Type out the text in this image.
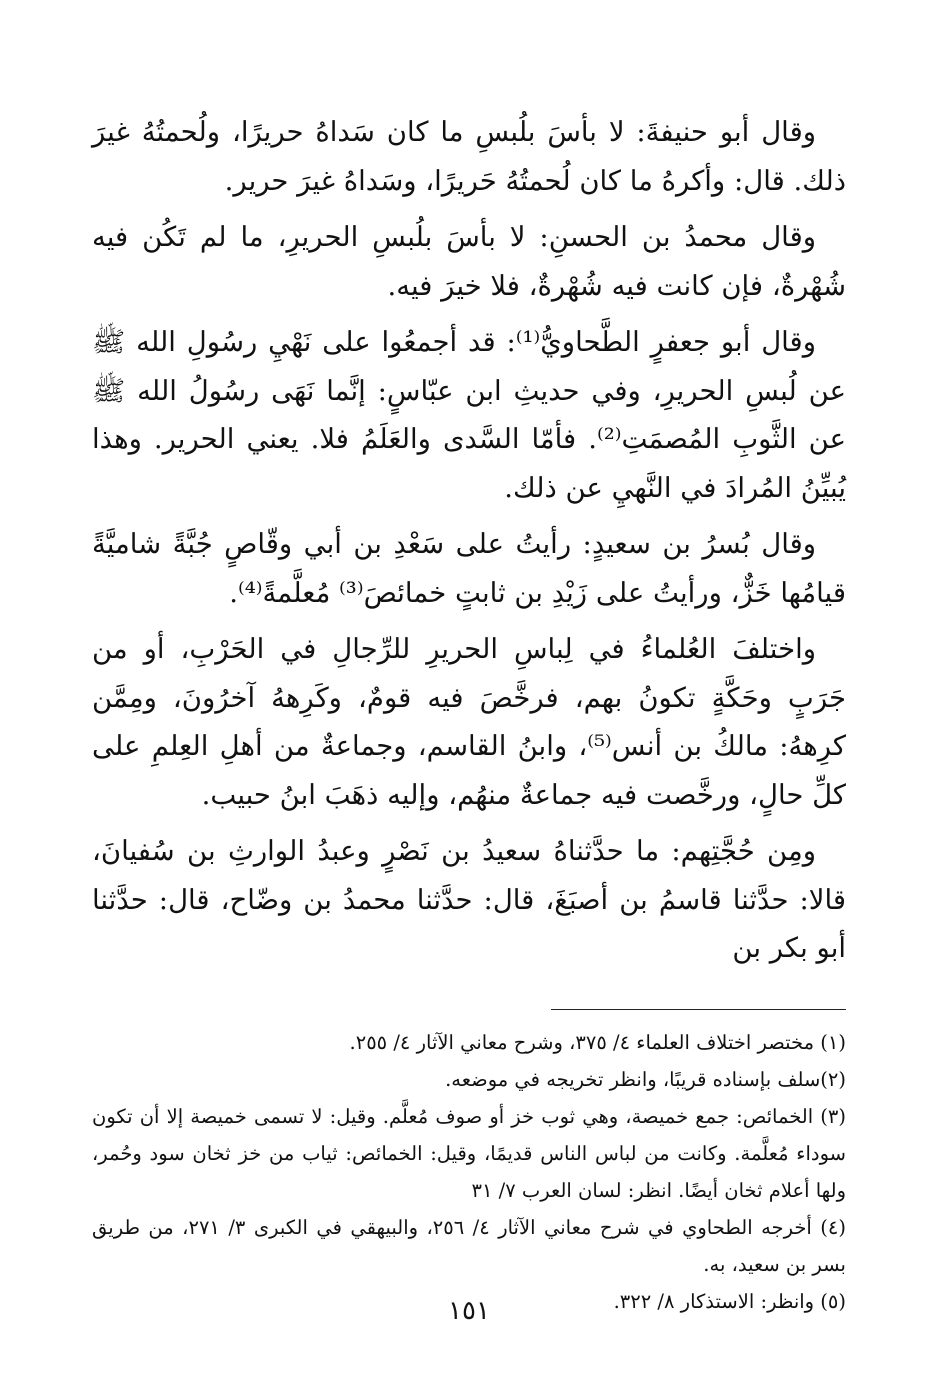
وقال أبو حنيفةَ: لا بأسَ بلُبسِ ما كان سَداهُ حريرًا، ولُحمتُهُ غيرَ ذلك. قال: وأكرهُ ما كان لُحمتُهُ حَريرًا، وسَداهُ غيرَ حرير.

وقال محمدُ بن الحسنِ: لا بأسَ بلُبسِ الحريرِ، ما لم تَكُن فيه شُهْرةٌ، فإن كانت فيه شُهْرةٌ، فلا خيرَ فيه.

وقال أبو جعفرٍ الطَّحاويُّ⁽¹⁾: قد أجمعُوا على نَهْيِ رسُولِ الله ﷺ عن لُبسِ الحريرِ، وفي حديثِ ابن عبّاسٍ: إنَّما نَهَى رسُولُ الله ﷺ عن الثَّوبِ المُصمَتِ⁽²⁾. فأمّا السَّدى والعَلَمُ فلا. يعني الحرير. وهذا يُبيِّنُ المُرادَ في النَّهيِ عن ذلك.

وقال بُسرُ بن سعيدٍ: رأيتُ على سَعْدِ بن أبي وقّاصٍ جُبَّةً شاميَّةً قيامُها خَزٌّ، ورأيتُ على زَيْدِ بن ثابتٍ خمائصَ⁽³⁾ مُعلَّمةً⁽⁴⁾.

واختلفَ العُلماءُ في لِباسِ الحريرِ للرِّجالِ في الحَرْبِ، أو من جَرَبٍ وحَكَّةٍ تكونُ بهم، فرخَّصَ فيه قومٌ، وكَرِههُ آخرُونَ، ومِمَّن كرِههُ: مالكُ بن أنس⁽⁵⁾، وابنُ القاسم، وجماعةٌ من أهلِ العِلمِ على كلِّ حالٍ، ورخَّصت فيه جماعةٌ منهُم، وإليه ذهَبَ ابنُ حبيب.

ومِن حُجَّتِهم: ما حدَّثناهُ سعيدُ بن نَصْرٍ وعبدُ الوارثِ بن سُفيانَ، قالا: حدَّثنا قاسمُ بن أصبَغَ، قال: حدَّثنا محمدُ بن وضّاح، قال: حدَّثنا أبو بكر بن

(١) مختصر اختلاف العلماء ٤/ ٣٧٥، وشرح معاني الآثار ٤/ ٢٥٥.

(٢)سلف بإسناده قريبًا، وانظر تخريجه في موضعه.

(٣) الخمائص: جمع خميصة، وهي ثوب خز أو صوف مُعلَّم. وقيل: لا تسمى خميصة إلا أن تكون سوداء مُعلَّمة. وكانت من لباس الناس قديمًا، وقيل: الخمائص: ثياب من خز ثخان سود وحُمر، ولها أعلام ثخان أيضًا. انظر: لسان العرب ٧/ ٣١

(٤) أخرجه الطحاوي في شرح معاني الآثار ٤/ ٢٥٦، والبيهقي في الكبرى ٣/ ٢٧١، من طريق بسر بن سعيد، به.

(٥) وانظر: الاستذكار ٨/ ٣٢٢.

١٥١
